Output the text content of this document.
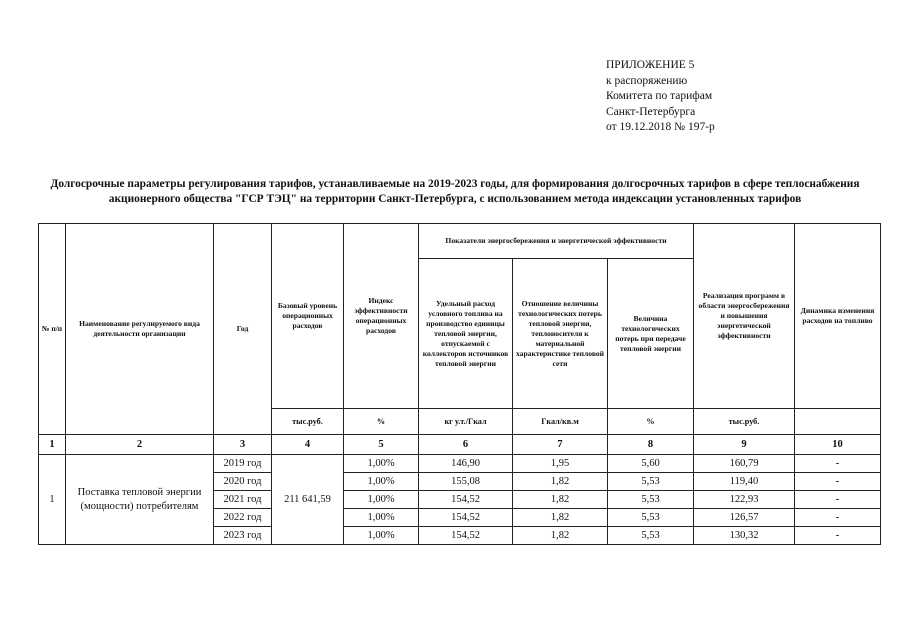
ПРИЛОЖЕНИЕ 5
к распоряжению
Комитета по тарифам
Санкт-Петербурга
от 19.12.2018 № 197-р
Долгосрочные параметры регулирования тарифов, устанавливаемые на 2019-2023 годы, для формирования долгосрочных тарифов в сфере теплоснабжения акционерного общества "ГСР ТЭЦ" на территории Санкт-Петербурга, с использованием метода индексации установленных тарифов
№ п/п	Наименование регулируемого вида деятельности организации	Год	Базовый уровень операционных расходов	Индекс эффективности операционных расходов	Показатели энергосбережения и энергетической эффективности			Реализация программ в области энергосбережения и повышения энергетической эффективности	Динамика изменения расходов на топливо
					Удельный расход условного топлива на производство единицы тепловой энергии, отпускаемой с коллекторов источников тепловой энергии	Отношение величины технологических потерь тепловой энергии, теплоносителя к материальной характеристике тепловой сети	Величина технологических потерь при передаче тепловой энергии		
			тыс.руб.	%	кг у.т./Гкал	Гкал/кв.м	%	тыс.руб.	
1	2	3	4	5	6	7	8	9	10
1	Поставка тепловой энергии (мощности) потребителям	2019 год	211 641,59	1,00%	146,90	1,95	5,60	160,79	-
		2020 год		1,00%	155,08	1,82	5,53	119,40	-
		2021 год		1,00%	154,52	1,82	5,53	122,93	-
		2022 год		1,00%	154,52	1,82	5,53	126,57	-
		2023 год		1,00%	154,52	1,82	5,53	130,32	-
